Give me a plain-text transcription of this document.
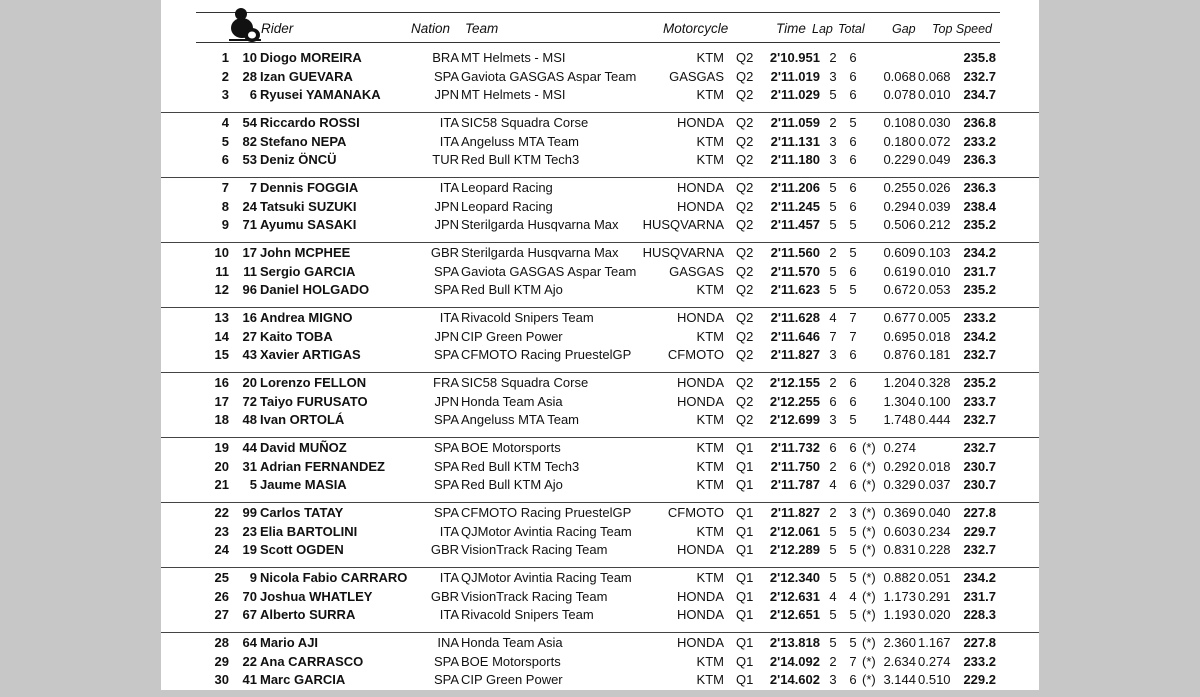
Rider	Nation Team	Motorcycle	Time Lap Total Gap Top Speed
1	10 Diogo MOREIRA	BRA MT Helmets - MSI	KTM Q2	2'10.951 2 6	235.8
2	28 Izan GUEVARA	SPA Gaviota GASGAS Aspar Team	GASGAS Q2	2'11.019 3 6	0.068 0.068 232.7
3	6 Ryusei YAMANAKA	JPN MT Helmets - MSI	KTM Q2	2'11.029 5 6	0.078 0.010 234.7
4	54 Riccardo ROSSI	ITA SIC58 Squadra Corse	HONDA Q2	2'11.059 2 5	0.108 0.030 236.8
5	82 Stefano NEPA	ITA Angeluss MTA Team	KTM Q2	2'11.131 3 6	0.180 0.072 233.2
6	53 Deniz ÖNCÜ	TUR Red Bull KTM Tech3	KTM Q2	2'11.180 3 6	0.229 0.049 236.3
7	7 Dennis FOGGIA	ITA Leopard Racing	HONDA Q2	2'11.206 5 6	0.255 0.026 236.3
8	24 Tatsuki SUZUKI	JPN Leopard Racing	HONDA Q2	2'11.245 5 6	0.294 0.039 238.4
9	71 Ayumu SASAKI	JPN Sterilgarda Husqvarna Max	HUSQVARNA Q2	2'11.457 5 5	0.506 0.212 235.2
10	17 John MCPHEE	GBR Sterilgarda Husqvarna Max	HUSQVARNA Q2	2'11.560 2 5	0.609 0.103 234.2
11	11 Sergio GARCIA	SPA Gaviota GASGAS Aspar Team	GASGAS Q2	2'11.570 5 6	0.619 0.010 231.7
12	96 Daniel HOLGADO	SPA Red Bull KTM Ajo	KTM Q2	2'11.623 5 5	0.672 0.053 235.2
13	16 Andrea MIGNO	ITA Rivacold Snipers Team	HONDA Q2	2'11.628 4 7	0.677 0.005 233.2
14	27 Kaito TOBA	JPN CIP Green Power	KTM Q2	2'11.646 7 7	0.695 0.018 234.2
15	43 Xavier ARTIGAS	SPA CFMOTO Racing PruestelGP	CFMOTO Q2	2'11.827 3 6	0.876 0.181 232.7
16	20 Lorenzo FELLON	FRA SIC58 Squadra Corse	HONDA Q2	2'12.155 2 6	1.204 0.328 235.2
17	72 Taiyo FURUSATO	JPN Honda Team Asia	HONDA Q2	2'12.255 6 6	1.304 0.100 233.7
18	48 Ivan ORTOLÁ	SPA Angeluss MTA Team	KTM Q2	2'12.699 3 5	1.748 0.444 232.7
19	44 David MUÑOZ	SPA BOE Motorsports	KTM Q1	2'11.732 6 6 (*) 0.274	232.7
20	31 Adrian FERNANDEZ	SPA Red Bull KTM Tech3	KTM Q1	2'11.750 2 6 (*) 0.292 0.018 230.7
21	5 Jaume MASIA	SPA Red Bull KTM Ajo	KTM Q1	2'11.787 4 6 (*) 0.329 0.037 230.7
22	99 Carlos TATAY	SPA CFMOTO Racing PruestelGP	CFMOTO Q1	2'11.827 2 3 (*) 0.369 0.040 227.8
23	23 Elia BARTOLINI	ITA QJMotor Avintia Racing Team	KTM Q1	2'12.061 5 5 (*) 0.603 0.234 229.7
24	19 Scott OGDEN	GBR VisionTrack Racing Team	HONDA Q1	2'12.289 5 5 (*) 0.831 0.228 232.7
25	9 Nicola Fabio CARRARO	ITA QJMotor Avintia Racing Team	KTM Q1	2'12.340 5 5 (*) 0.882 0.051 234.2
26	70 Joshua WHATLEY	GBR VisionTrack Racing Team	HONDA Q1	2'12.631 4 4 (*) 1.173 0.291 231.7
27	67 Alberto SURRA	ITA Rivacold Snipers Team	HONDA Q1	2'12.651 5 5 (*) 1.193 0.020 228.3
28	64 Mario AJI	INA Honda Team Asia	HONDA Q1	2'13.818 5 5 (*) 2.360 1.167 227.8
29	22 Ana CARRASCO	SPA BOE Motorsports	KTM Q1	2'14.092 2 7 (*) 2.634 0.274 233.2
30	41 Marc GARCIA	SPA CIP Green Power	KTM Q1	2'14.602 3 6 (*) 3.144 0.510 229.2
